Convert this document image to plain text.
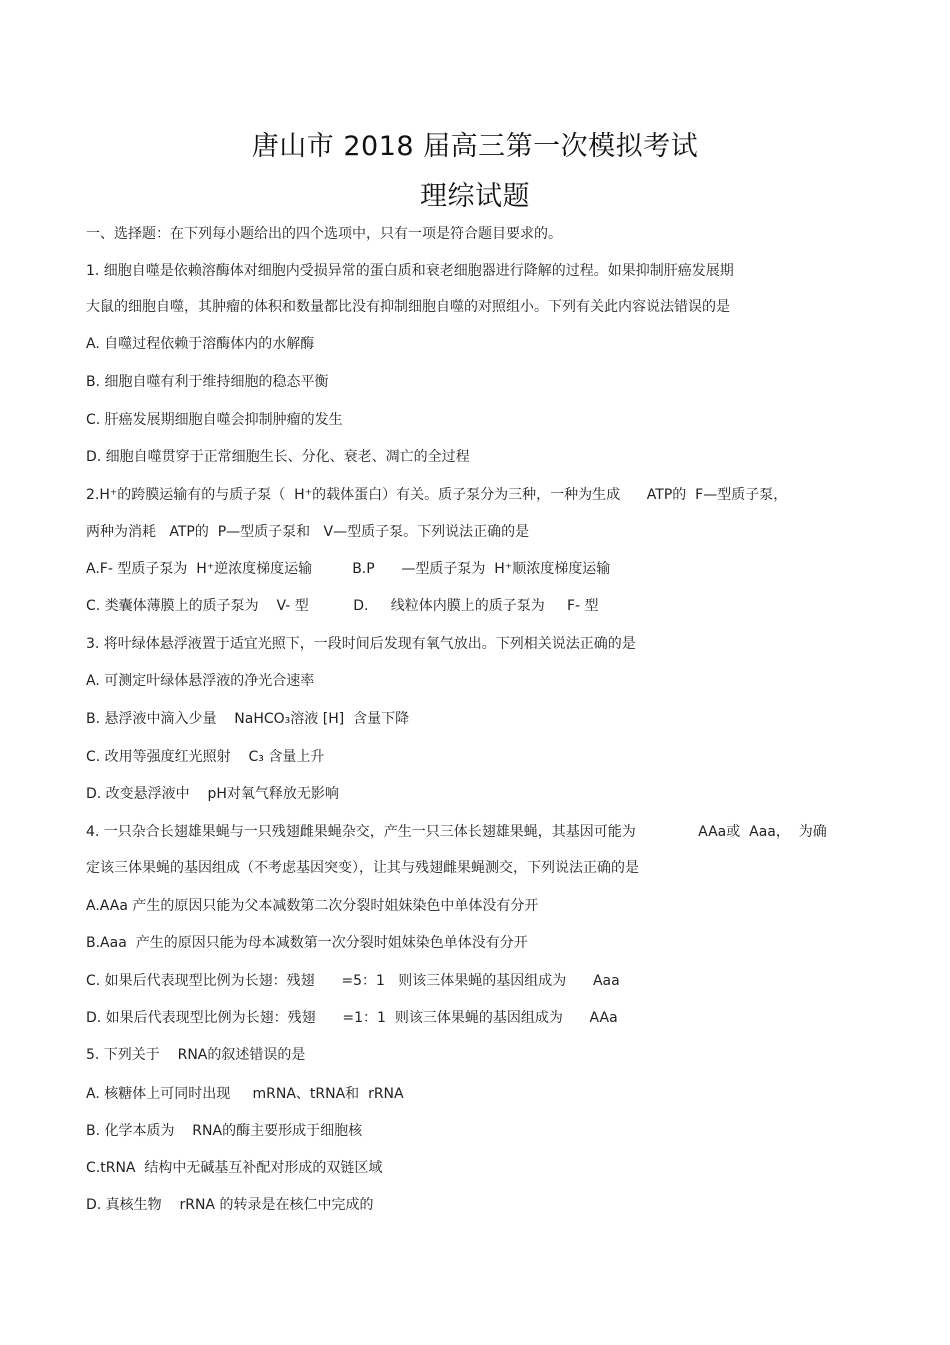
唐山市 2018 届高三第一次模拟考试
理综试题
一、选择题：在下列每小题给出的四个选项中，只有一项是符合题目要求的。
1. 细胞自噬是依赖溶酶体对细胞内受损异常的蛋白质和衰老细胞器进行降解的过程。如果抑制肝癌发展期
大鼠的细胞自噬，其肿瘤的体积和数量都比没有抑制细胞自噬的对照组小。下列有关此内容说法错误的是
A. 自噬过程依赖于溶酶体内的水解酶
B. 细胞自噬有利于维持细胞的稳态平衡
C. 肝癌发展期细胞自噬会抑制肿瘤的发生
D. 细胞自噬贯穿于正常细胞生长、分化、衰老、凋亡的全过程
2.H⁺的跨膜运输有的与质子泵（  H⁺的载体蛋白）有关。质子泵分为三种，一种为生成      ATP的  F—型质子泵，
两种为消耗   ATP的  P—型质子泵和   V—型质子泵。下列说法正确的是
A.F- 型质子泵为  H⁺逆浓度梯度运输         B.P      —型质子泵为  H⁺顺浓度梯度运输
C. 类囊体薄膜上的质子泵为    V- 型          D.     线粒体内膜上的质子泵为     F- 型
3. 将叶绿体悬浮液置于适宜光照下，一段时间后发现有氧气放出。下列相关说法正确的是
A. 可测定叶绿体悬浮液的净光合速率
B. 悬浮液中滴入少量    NaHCO₃溶液 [H]  含量下降
C. 改用等强度红光照射    C₃ 含量上升
D. 改变悬浮液中    pH对氧气释放无影响
4. 一只杂合长翅雄果蝇与一只残翅雌果蝇杂交，产生一只三体长翅雄果蝇，其基因可能为              AAa或  Aaa，  为确
定该三体果蝇的基因组成（不考虑基因突变），让其与残翅雌果蝇测交，下列说法正确的是
A.AAa 产生的原因只能为父本减数第二次分裂时姐妹染色中单体没有分开
B.Aaa  产生的原因只能为母本减数第一次分裂时姐妹染色单体没有分开
C. 如果后代表现型比例为长翅：残翅      =5：1   则该三体果蝇的基因组成为      Aaa
D. 如果后代表现型比例为长翅：残翅      =1：1  则该三体果蝇的基因组成为      AAa
5. 下列关于    RNA的叙述错误的是
A. 核糖体上可同时出现     mRNA、tRNA和  rRNA
B. 化学本质为    RNA的酶主要形成于细胞核
C.tRNA  结构中无碱基互补配对形成的双链区域
D. 真核生物    rRNA 的转录是在核仁中完成的
